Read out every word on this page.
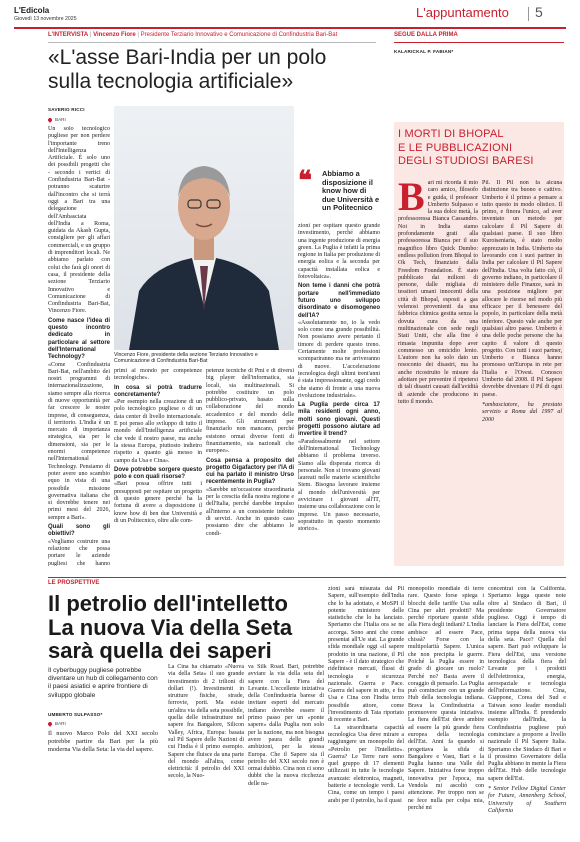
L'Edicola
Giovedì 13 novembre 2025	L'appuntamento 5
L'INTERVISTA | Vincenzo Fiore | Presidente Terziario Innovativo e Comunicazione di Confindustria Bari-Bat
«L'asse Bari-India per un polo
sulla tecnologia artificiale»
SAVERIO RICCI
BARI

Un solo tecnologico pugliese per non perdere l'importante treno dell'Intelligenza Artificiale. È solo uno dei possibili progetti che - secondo i vertici di Confindustria Bari-Bat - potranno scaturire dall'incontro che si terrà oggi a Bari tra una delegazione dell'Ambasciata dell'India a Roma, guidata da Akash Gupta, consigliere per gli affari commerciali, e un gruppo di imprenditori locali. Ne abbiamo parlato con colui che farà gli onori di casa, il presidente della sezione Terziario Innovativo e Comunicazione di Confindustria Bari-Bat, Vincenzo Fiore.

Come nasce l'idea di questo incontro dedicato in particolare al settore dell'International Technology?

«Come Confindustria Bari-Bat, nell'ambito dei nostri programmi di internazionalizzazione, siamo sempre alla ricerca di nuove opportunità per far crescere le nostre imprese, di conseguenza, il territorio. L'India è un mercato di importanza strategica, sia per le dimensioni, sia per le enormi competenze nell'International Technology. Pensiamo di poter avere uno scambio equo in vista di una possibile missione governativa italiana che si dovrebbe tenere nei primi mesi del 2026, sempre a Bari».

Quali sono gli obiettivi?

«Vogliamo costruire una relazione che possa portare le aziende pugliesi che hanno

Vincenzo Fiore, presidente della sezione Terziario Innovativo e Comunicazione di Confindustria Bari-Bat

primi al mondo per competenze tecnologiche».

In cosa si potrà tradurre concretamente?

«Per esempio nella creazione di un polo tecnologico pugliese o di un data center di livello internazionale. E poi penso allo sviluppo di tutto il mondo dell'Intelligenza artificiale che vede il nostro paese, ma anche la stessa Europa, piuttosto indietro rispetto a quanto già messo in campo da Usa e Cina».

Dove potrebbe sorgere questo polo e con quali risorse?

«Bari possa offrire tutti i presupposti per ospitare un progetto di questo genere perché ha la fortuna di avere a disposizione il know how di ben due Università e di un Politecnico, oltre alle com-

petenze tecniche di Pmi e di diversi big player dell'informatica, sia locali, sia multinazionali. Si potrebbe costituire un polo pubblico-privato, basato sulla collaborazione del mondo accademico e del mondo delle imprese. Gli strumenti per finanziarlo non mancano, perché esistono ormai diverse fonti di finanziamento, sia nazionali che europee».

Cosa pensa a proposito del progetto Gigafactory per l'IA di cui ha parlato il ministro Urso recentemente in Puglia?

«Sarebbe un'occasione straordinaria per la crescita della nostra regione e dell'Italia, perché darebbe impulso all'interno a un consistente indotto di servizi. Anche in questo caso possiamo dire che abbiamo le condi-

❝ Abbiamo a disposizione il know how di due Università e un Politecnico

zioni per ospitare questo grande investimento, perché abbiamo una ingente produzione di energia green. La Puglia è infatti la prima regione in Italia per produzione di energia eolica e la seconda per capacità installata eolica e fotovoltaica».

Non teme i danni che potrà portare nell'immediato futuro uno sviluppo disordinato e disomogeneo dell'IA?

«Assolutamente no, io la vedo solo come una grande possibilità. Non possiamo avere pertanto il timore di perdere questo treno. Certamente molte professioni scompariranno ma ne arriveranno di nuove. L'accelerazione tecnologica degli ultimi trent'anni è stata impressionante, oggi credo che siamo di fronte a una nuova rivoluzione industriale».

La Puglia perde circa 17 mila residenti ogni anno, molti sono giovani. Questi progetti possono aiutare ad invertire il trend?

«Paradossalmente nel settore dell'International Technology abbiamo il problema inverso. Siamo alla disperata ricerca di personale. Non si trovano giovani laureati nelle materie scientifiche Stem. Bisogna lavorare insieme al mondo dell'università per avvicinare i giovani all'IT, insieme una collaborazione con le imprese. Un passo necessario, soprattutto in questo momento storico».

SEGUE DALLA PRIMA
KALARICKAL P. FABIAN*
I MORTI DI BHOPAL
E LE PUBBLICAZIONI
DEGLI STUDIOSI BARESI
Bari mi ricorda il mio caro amico, filosofo e guida, il professor Umberto Sulpasso e la sua dolce metà, la professoressa Bianca Cassandro. Noi in India siamo profondamente grati alla professoressa Bianca per il suo magnifico libro Quick Dumbo: endless pollution from Bhopal to Ok Tech, finanziato dalla Freedom Foundation. È stato pubblicato dai milioni di persone, dalle migliaia di tessitori umani innocenti della città di Bhopal, esposti a gas velenosi provenienti da una fabbrica chimica gestita senza la dovuta cura da una multinazionale con sede negli Stati Uniti, che alla fine è rimasta impunita dopo aver commesso un omicidio lento. L'autore non ha solo dato un resoconto dei disastri, ma ha anche ricostruito le misure da adottare per prevenire il ripetersi di tali disastri causati dall'avidità di aziende che producono in tutto il mondo.

Pil. Il Pil non fa alcuna distinzione tra buono e cattivo. Umberto è il primo a pensare a tutto questo in modo olistico. Il primo, e finora l'unico, ad aver inventato un metodo per calcolare il Pil Sapere di qualsiasi paese. Il suo libro Kuroiseniaria, è stato molto apprezzato in India. Umberto sta lavorando con i suoi partner in India per calcolare il Pil Sapere dell'India. Una volta fatto ciò, il governo indiano, in particolare il ministero delle Finanze, sarà in una posizione migliore per allocare le risorse nel modo più efficace per il benessere del popolo, in particolare della metà inferiore. Questo vale anche per qualsiasi altro paese. Umberto è una delle poche persone che ha capito il valore di questo progetto. Con tutti i suoi partner, Umberto e Bianca hanno promosso un'Europa in rete per l'Italia e l'Ovest. Conosco Umberto dal 2008. Il Pil Sapere dovrebbe diventare il Pil di ogni paese.

*ambasciatore, ha prestato servizio a Roma dal 1997 al 2000

LE PROSPETTIVE
Il petrolio dell'intelletto
La nuova Via della Seta
sarà quella dei saperi
Il cyberbuggy pugliese potrebbe diventare un hub di collegamento con il paesi asiatici e aprire frontiere di sviluppo globale
UMBERTO SULPASSO*
BARI

Il nuovo Marco Polo del XXI secolo potrebbe partire da Bari per la più moderna Via della Seta: la via del sapere.

La Cina ha chiamato «Nuova via della Seta» il suo grande investimento di 2 trilioni di dollari (!). Investimenti in strutture fisiche, strade, ferrovie, porti. Ma esiste un'altra via della seta possibile, quella delle infrastrutture nel sapere fra Bangalore, Silicon Valley, Africa, Europa: basata sul Pil Sapere delle Nazioni di cui l'India è il primo esempio. Sapere che fluisce da una parte del mondo all'altra, come elettricità: il petrolio del XXI secolo, la Nuo-

va Silk Road. Bari, potrebbe avviare la via della seta del sapere con la Fiera del Levante. L'eccellente iniziativa della Confindustria barese di invitare esperti del mercato indiano dovrebbe essere il primo passo per un «ponte sapere» dalla Puglia non solo per la nazione, ma non bisogna avere paura delle grandi ambizioni, per la stessa Europa. Che il Sapere sia il petrolio del XXI secolo non è ormai dubbio. Cina non ci sono dubbi che la nuova ricchezza delle na-

zioni sarà misurata dal Pil Sapere, sull'esempio dell'India che lo ha adottato, e MoSPI il potente ministero delle statistiche che lo ha lanciato. Speriamo che l'Italia ora se ne accorga. Sono anni che come presentai all'Ue stat. La grande sfida mondiale oggi «il sapere prodotto in una nazione, il Pil Sapere - è il dato strategico che ridefinisce mercati, flussi di tecnologia e sicurezza nazionale. Guerra e Pace. Guerra del sapere in atto, e fra Usa e Cina con l'India terzo possibile attore, come l'investimento di Tata riportato di recente a Bari.

La straordinaria capacità tecnologica Usa deve mirare a raggiungere un monopolio del «Petrolio per l'Intelletto». Guerra? Le Terre rare sono quel gruppo di 17 elementi utilizzati in tutte le tecnologie avanzate: elettronica, magneti, batterie e tecnologie verdi. La Cina, come un tempo i paesi arabi per il petrolio, ha il quasi

monopolio mondiale di terre rare. Questo forse spiega i blocchi delle tariffe Usa sulla Cina per altri prodotti? Ma perché riportare queste sfide alla Fiera degli indiani? L'India ambisce ad essere Pace, chissà? Forse con la multipolarità Sapere. L'unica che non precipita le guerre. Poiché la Puglia essere in grado di giocare un ruolo? Perché no? Basta avere il coraggio di pensarlo. La Puglia può cominciare con un grande Hub della tecnologia indiana. Brava la Confindustria a promuovere questa iniziativa. La fiera dell'Est deve ambire ad essere la più grande fiera europea della tecnologia dell'Est. Anni fa quando si progettava la sfida di Bangalore e Vasu, Bari e la Puglia hanno una Valle del Sapere. Iniziativa forse troppo innovativa per l'epoca, ma Vendola mi ascoltò con attenzione. Per troppo non se ne fece nulla per colpa mia, perché mi

concentrai con la California. Speriamo legga queste note oltre al Sindaco di Bari, il presidente Governatore pugliese. Oggi è tempo di lanciare la Fiera dell'Est, come prima tappa della nuova via della seta. Pace? Quella del sapere. Bari può sviluppare la Fiera dell'Est, una versione tecnologica della fiera del Levante per i prodotti dell'elettronica, energia, aerospaziale e tecnologia dell'informazione. Cina, Giappone, Corea del Sud e Taiwan sono leader mondiali insieme all'India. È prendendo esempio dall'India, la Confindustria pugliese può cominciare a proporre a livello nazionale il Pil Sapere Italia. Speriamo che Sindaco di Bari e il prossimo Governatore della Puglia abbiano in mente la Fiera dell'Est. Hub delle tecnologie sapere dell'Est.

* Senior Fellow Digital Center for Future, Annenberg School, University of Southern California
